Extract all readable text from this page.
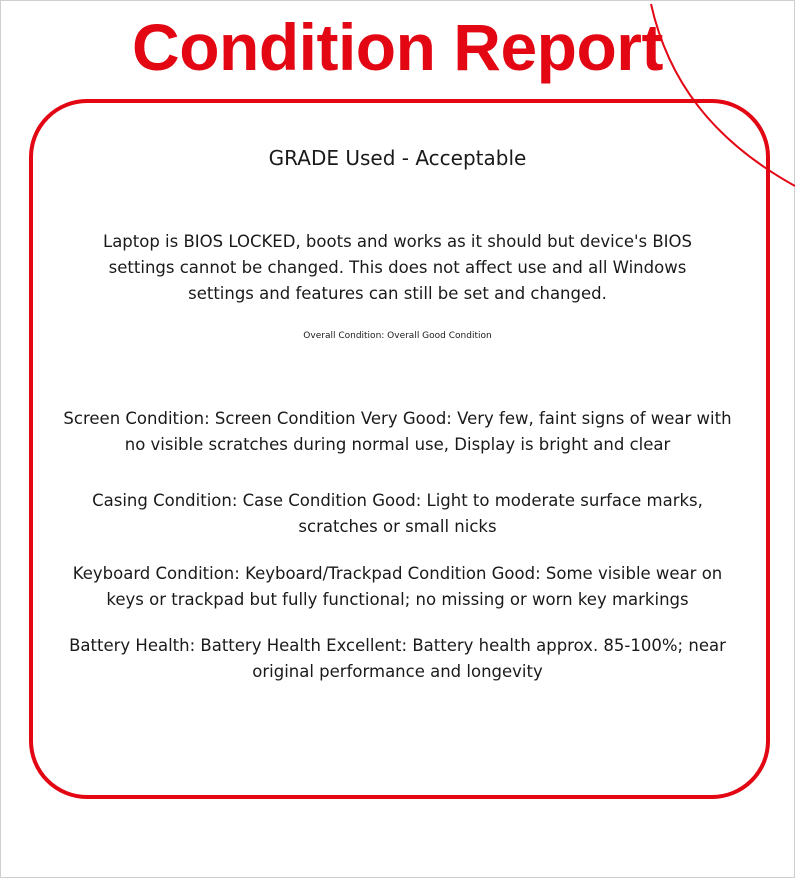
Condition Report
GRADE Used - Acceptable
Laptop is BIOS LOCKED, boots and works as it should but device's BIOS settings cannot be changed. This does not affect use and all Windows settings and features can still be set and changed.
Overall Condition: Overall Good Condition
Screen Condition: Screen Condition Very Good: Very few, faint signs of wear with no visible scratches during normal use, Display is bright and clear
Casing Condition: Case Condition Good: Light to moderate surface marks, scratches or small nicks
Keyboard Condition: Keyboard/Trackpad Condition Good: Some visible wear on keys or trackpad but fully functional; no missing or worn key markings
Battery Health: Battery Health Excellent: Battery health approx. 85-100%; near original performance and longevity
